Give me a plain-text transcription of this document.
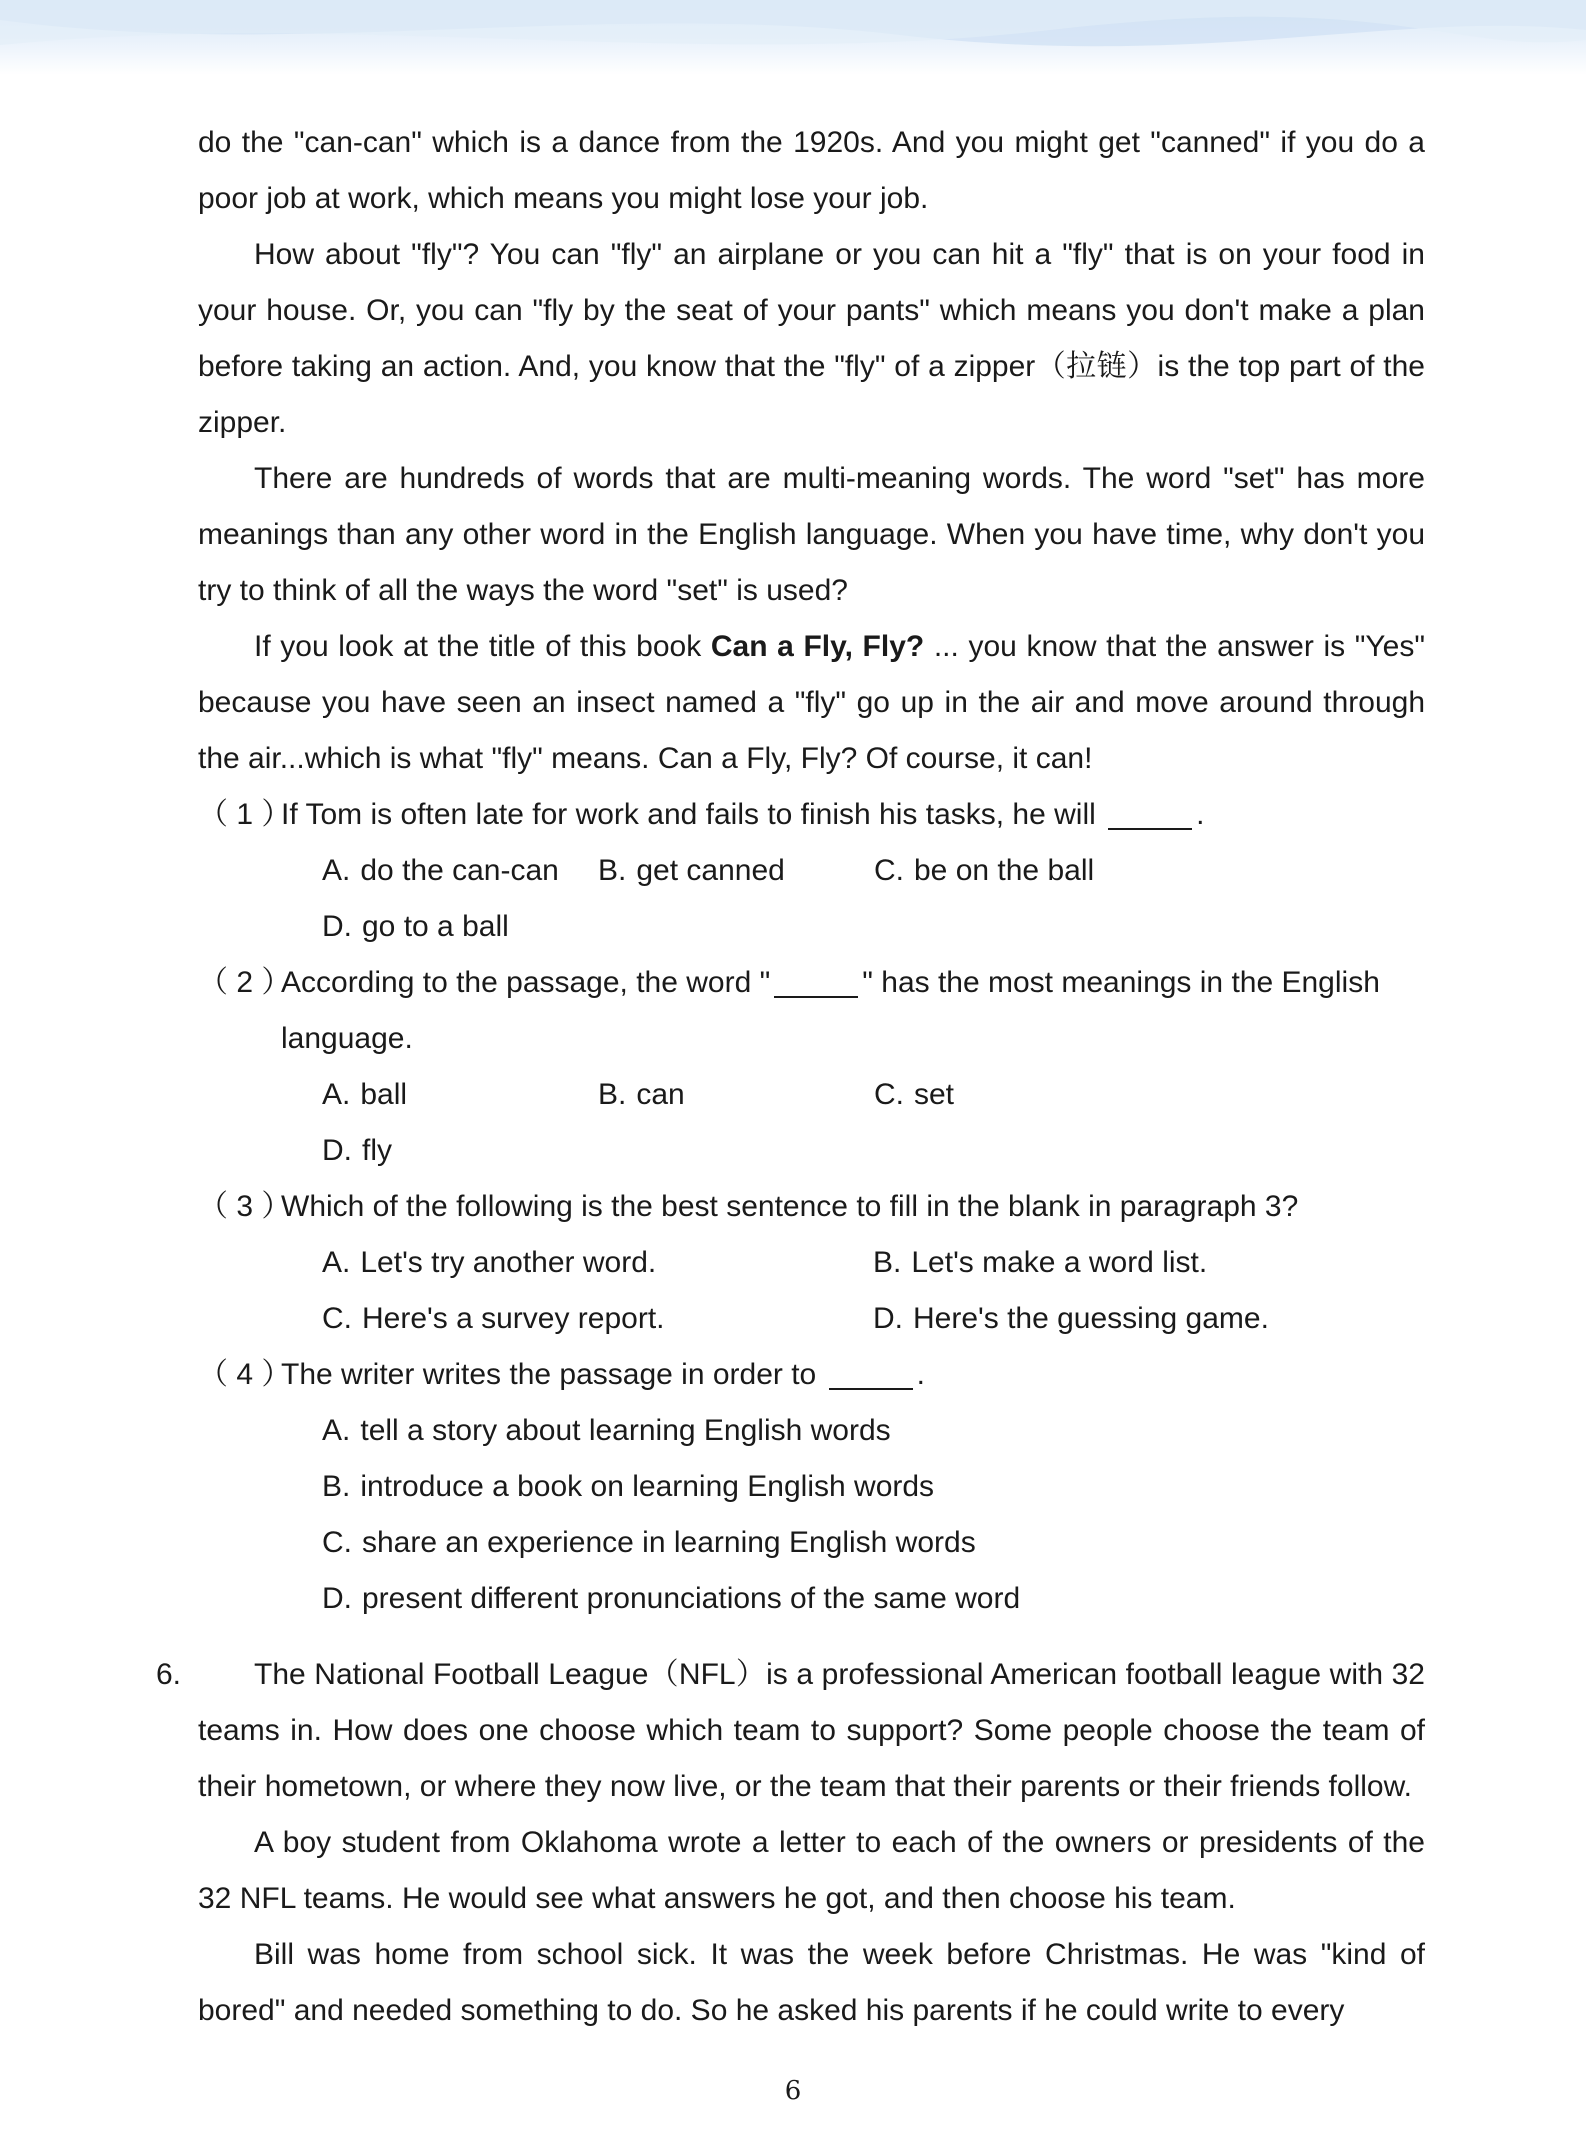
do the "can-can" which is a dance from the 1920s. And you might get "canned" if you do a poor job at work, which means you might lose your job.

How about "fly"? You can "fly" an airplane or you can hit a "fly" that is on your food in your house. Or, you can "fly by the seat of your pants" which means you don't make a plan before taking an action. And, you know that the "fly" of a zipper（拉链）is the top part of the zipper.

There are hundreds of words that are multi-meaning words. The word "set" has more meanings than any other word in the English language. When you have time, why don't you try to think of all the ways the word "set" is used?

If you look at the title of this book Can a Fly, Fly? ... you know that the answer is "Yes" because you have seen an insect named a "fly" go up in the air and move around through the air...which is what "fly" means. Can a Fly, Fly? Of course, it can!

（ 1 ）
If Tom is often late for work and fails to finish his tasks, he will	.
A. do the can-can	B. get canned	C. be on the ball
D. go to a ball
（ 2 ）
According to the passage, the word "	" has the most meanings in the English language.
A. ball	B. can	C. set
D. fly
（ 3 ）
Which of the following is the best sentence to fill in the blank in paragraph 3?
A. Let's try another word.	B. Let's make a word list.
C. Here's a survey report.	D. Here's the guessing game.
（ 4 ）
The writer writes the passage in order to	.
A. tell a story about learning English words
B. introduce a book on learning English words
C. share an experience in learning English words
D. present different pronunciations of the same word
6.	The National Football League（NFL）is a professional American football league with 32 teams in. How does one choose which team to support? Some people choose the team of their hometown, or where they now live, or the team that their parents or their friends follow.

A boy student from Oklahoma wrote a letter to each of the owners or presidents of the 32 NFL teams. He would see what answers he got, and then choose his team.

Bill was home from school sick. It was the week before Christmas. He was "kind of bored" and needed something to do. So he asked his parents if he could write to every

6
